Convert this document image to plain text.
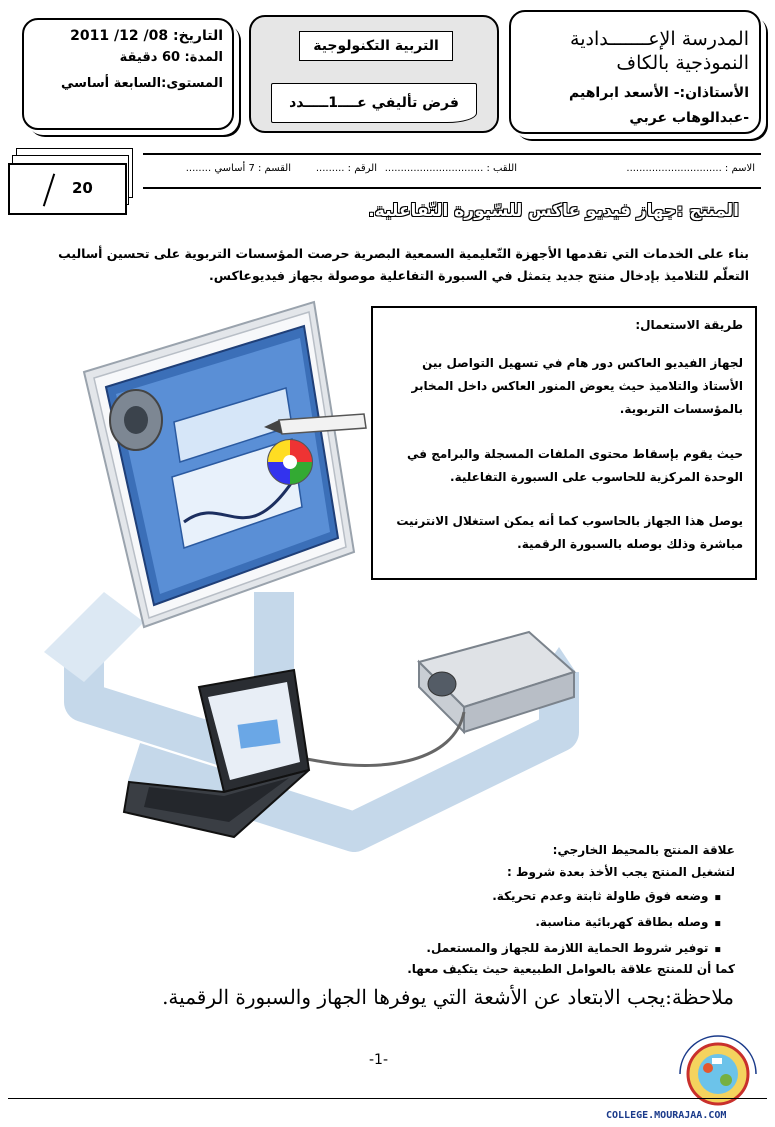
المدرسة الإعـــــــدادية
النموذجية بالكاف
الأستاذان:- الأسعد ابراهيم
-عبدالوهاب عربي
التربية التكنولوجية
فرض تأليفي عــــ1ـــــدد
التاريخ: 08/ 12/ 2011
المدة: 60 دقيقة
المستوى:السابعة أساسي
الاسم : ..............................
اللقب : ...............................
الرقم : .........
القسم : 7 أساسي ........
20
المنتج :جهاز فيديو عاكس للسّبورة التّفاعلية.
بناء على الخدمات التي تقدمها الأجهزة التّعليمية السمعية البصرية حرصت المؤسسات التربوية على تحسين أساليب التعلّم للتلاميذ بإدخال منتج جديد يتمثل في السبورة التفاعلية موصولة بجهاز فيديوعاكس.
طريقة الاستعمال:
لجهاز الفيديو العاكس دور هام في تسهيل التواصل بين الأستاذ والتلاميذ حيث يعوض المنور العاكس داخل المخابر بالمؤسسات التربوية.
حيث يقوم بإسقاط محتوى الملفات المسجلة والبرامج في الوحدة المركزية للحاسوب على السبورة التفاعلية.
يوصل هذا الجهاز بالحاسوب كما أنه يمكن استغلال الانترنيت مباشرة وذلك بوصله بالسبورة الرقمية.
علاقة المنتج بالمحيط الخارجي:
لتشغيل المنتج يجب الأخذ بعدة شروط :
◾وضعه فوق طاولة ثابتة وعدم تحريكة.
◾وصله بطاقة كهربائية مناسبة.
◾توفير شروط الحماية اللازمة للجهاز والمستعمل.
كما أن للمنتج علاقة بالعوامل الطبيعية حيث يتكيف معها.
ملاحظة:يجب الابتعاد عن الأشعة التي يوفرها الجهاز والسبورة الرقمية.
-1-
COLLEGE.MOURAJAA.COM
